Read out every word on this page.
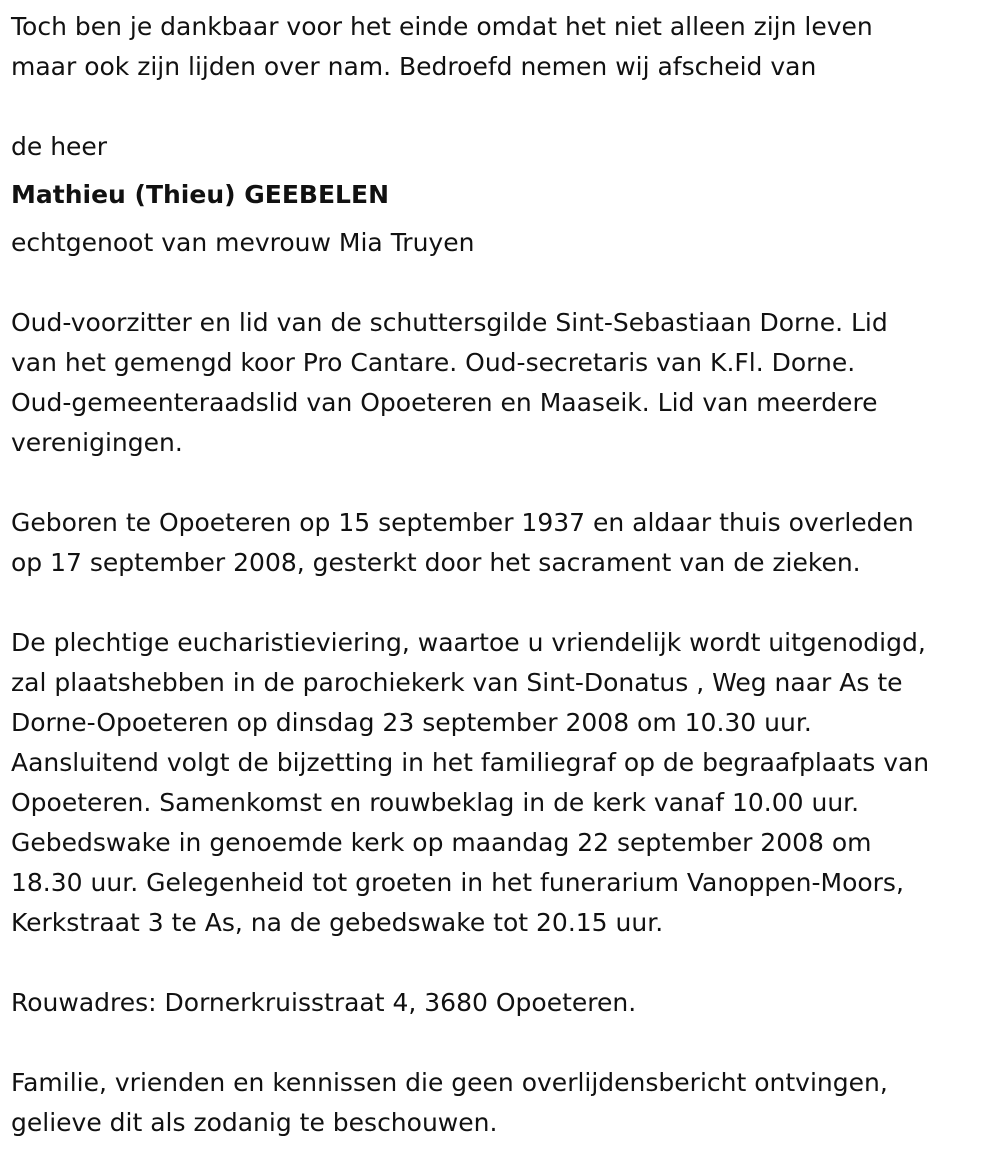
Toch ben je dankbaar voor het einde omdat het niet alleen zijn leven

maar ook zijn lijden over nam. Bedroefd nemen wij afscheid van

de heer

Mathieu (Thieu) GEEBELEN

echtgenoot van mevrouw Mia Truyen

Oud-voorzitter en lid van de schuttersgilde Sint-Sebastiaan Dorne. Lid

van het gemengd koor Pro Cantare. Oud-secretaris van K.Fl. Dorne.

Oud-gemeenteraadslid van Opoeteren en Maaseik. Lid van meerdere

verenigingen.

Geboren te Opoeteren op 15 september 1937 en aldaar thuis overleden

op 17 september 2008, gesterkt door het sacrament van de zieken.

De plechtige eucharistieviering, waartoe u vriendelijk wordt uitgenodigd,

zal plaatshebben in de parochiekerk van Sint-Donatus , Weg naar As te

Dorne-Opoeteren op dinsdag 23 september 2008 om 10.30 uur.

Aansluitend volgt de bijzetting in het familiegraf op de begraafplaats van

Opoeteren. Samenkomst en rouwbeklag in de kerk vanaf 10.00 uur.

Gebedswake in genoemde kerk op maandag 22 september 2008 om

18.30 uur. Gelegenheid tot groeten in het funerarium Vanoppen-Moors,

Kerkstraat 3 te As, na de gebedswake tot 20.15 uur.

Rouwadres: Dornerkruisstraat 4, 3680 Opoeteren.

Familie, vrienden en kennissen die geen overlijdensbericht ontvingen,

gelieve dit als zodanig te beschouwen.
